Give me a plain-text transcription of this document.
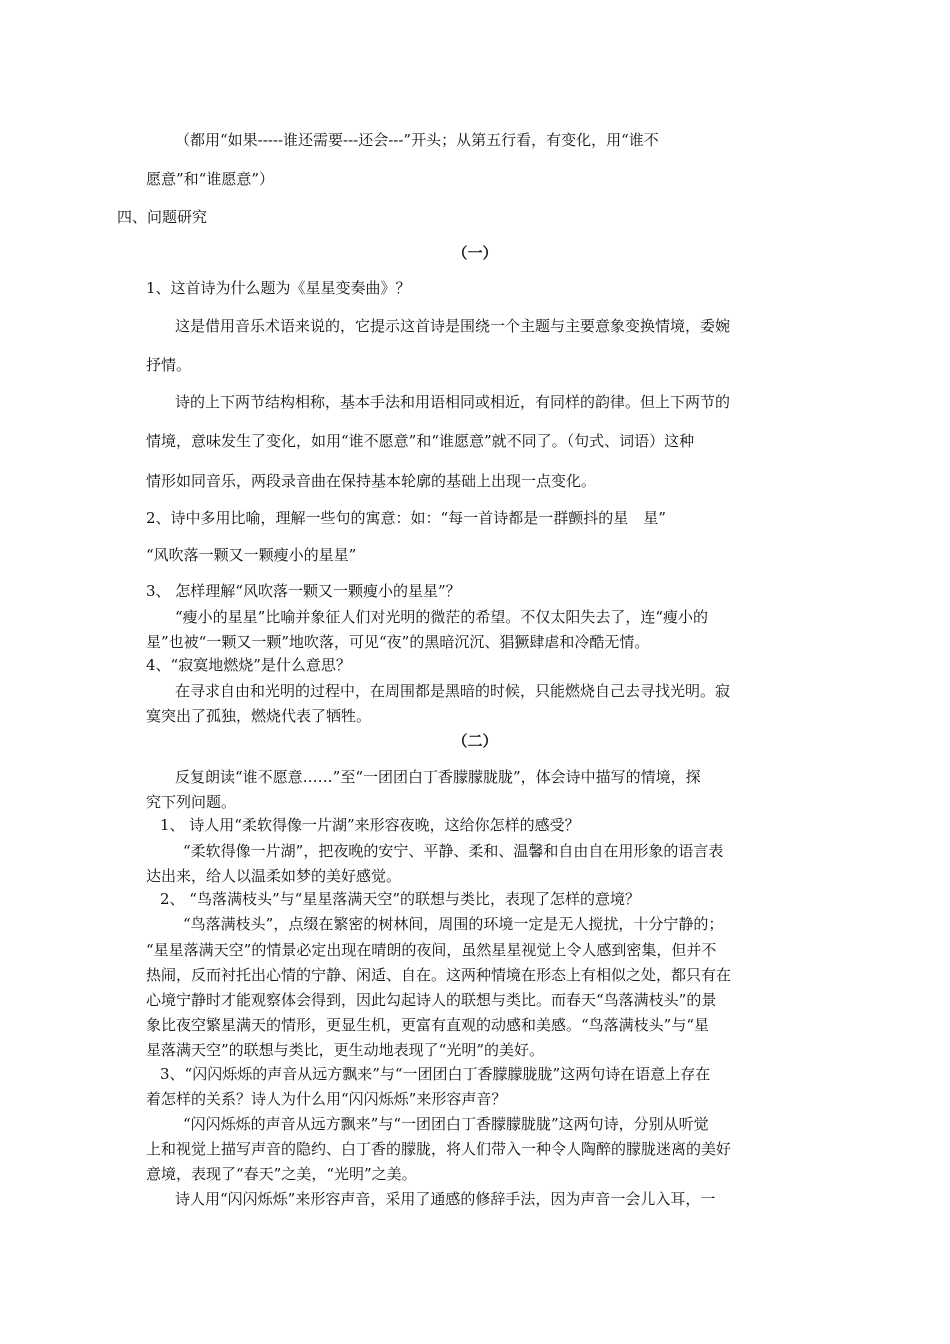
（都用“如果-----谁还需要---还会---”开头；从第五行看，有变化，用“谁不

愿意”和“谁愿意”）

四、问题研究

（一）

1、这首诗为什么题为《星星变奏曲》？

这是借用音乐术语来说的，它提示这首诗是围绕一个主题与主要意象变换情境，委婉

抒情。

诗的上下两节结构相称，基本手法和用语相同或相近，有同样的韵律。但上下两节的

情境，意味发生了变化，如用“谁不愿意”和“谁愿意”就不同了。（句式、词语）这种

情形如同音乐，两段录音曲在保持基本轮廓的基础上出现一点变化。

2、诗中多用比喻，理解一些句的寓意：如：“每一首诗都是一群颤抖的星　星”

“风吹落一颗又一颗瘦小的星星”

3、 怎样理解“风吹落一颗又一颗瘦小的星星”？

“瘦小的星星”比喻并象征人们对光明的微茫的希望。不仅太阳失去了，连“瘦小的

星”也被“一颗又一颗”地吹落，可见“夜”的黑暗沉沉、猖獗肆虐和冷酷无情。

4、“寂寞地燃烧”是什么意思？

在寻求自由和光明的过程中，在周围都是黑暗的时候，只能燃烧自己去寻找光明。寂

寞突出了孤独，燃烧代表了牺牲。

（二）

反复朗读“谁不愿意……”至“一团团白丁香朦朦胧胧”，体会诗中描写的情境，探

究下列问题。

1、 诗人用“柔软得像一片湖”来形容夜晚，这给你怎样的感受？

“柔软得像一片湖”，把夜晚的安宁、平静、柔和、温馨和自由自在用形象的语言表

达出来，给人以温柔如梦的美好感觉。

2、 “鸟落满枝头”与“星星落满天空”的联想与类比，表现了怎样的意境？

“鸟落满枝头”，点缀在繁密的树林间，周围的环境一定是无人搅扰，十分宁静的；

“星星落满天空”的情景必定出现在晴朗的夜间，虽然星星视觉上令人感到密集，但并不

热闹，反而衬托出心情的宁静、闲适、自在。这两种情境在形态上有相似之处，都只有在

心境宁静时才能观察体会得到，因此勾起诗人的联想与类比。而春天“鸟落满枝头”的景

象比夜空繁星满天的情形，更显生机，更富有直观的动感和美感。“鸟落满枝头”与“星

星落满天空”的联想与类比，更生动地表现了“光明”的美好。

3、“闪闪烁烁的声音从远方飘来”与“一团团白丁香朦朦胧胧”这两句诗在语意上存在

着怎样的关系？诗人为什么用“闪闪烁烁”来形容声音？

“闪闪烁烁的声音从远方飘来”与“一团团白丁香朦朦胧胧”这两句诗，分别从听觉

上和视觉上描写声音的隐约、白丁香的朦胧，将人们带入一种令人陶醉的朦胧迷离的美好

意境，表现了“春天”之美，“光明”之美。

诗人用“闪闪烁烁”来形容声音，采用了通感的修辞手法，因为声音一会儿入耳，一
